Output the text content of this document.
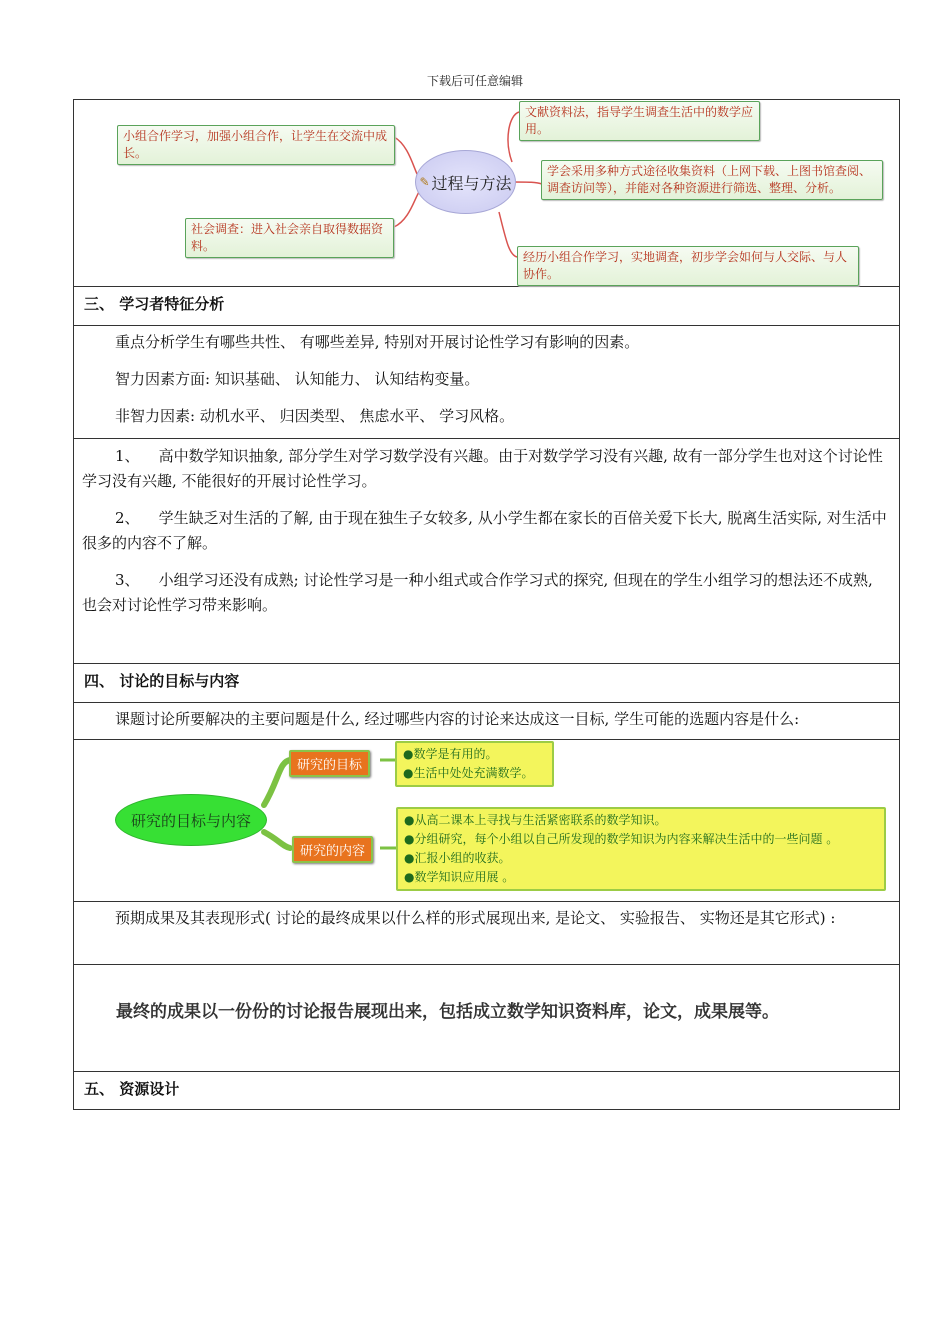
下载后可任意编辑
小组合作学习，加强小组合作，让学生在交流中成长。
社会调查：进入社会亲自取得数据资料。
✎ 过程与方法
文献资料法，指导学生调查生活中的数学应用。
学会采用多种方式途径收集资料（上网下载、上图书馆查阅、调查访问等），并能对各种资源进行筛选、整理、分析。
经历小组合作学习，实地调查，初步学会如何与人交际、与人协作。
三、 学习者特征分析

重点分析学生有哪些共性、 有哪些差异, 特别对开展讨论性学习有影响的因素。

智力因素方面: 知识基础、 认知能力、 认知结构变量。

非智力因素: 动机水平、 归因类型、 焦虑水平、 学习风格。

1、    高中数学知识抽象, 部分学生对学习数学没有兴趣。由于对数学学习没有兴趣, 故有一部分学生也对这个讨论性学习没有兴趣, 不能很好的开展讨论性学习。

2、    学生缺乏对生活的了解, 由于现在独生子女较多, 从小学生都在家长的百倍关爱下长大, 脱离生活实际, 对生活中很多的内容不了解。

3、    小组学习还没有成熟; 讨论性学习是一种小组式或合作学习式的探究, 但现在的学生小组学习的想法还不成熟, 也会对讨论性学习带来影响。

四、 讨论的目标与内容

课题讨论所要解决的主要问题是什么, 经过哪些内容的讨论来达成这一目标, 学生可能的选题内容是什么:

研究的目标与内容
研究的目标
研究的内容
●数学是有用的。
●生活中处处充满数学。
●从高二课本上寻找与生活紧密联系的数学知识。
●分组研究，每个小组以自己所发现的数学知识为内容来解决生活中的一些问题 。
●汇报小组的收获。
●数学知识应用展 。

预期成果及其表现形式( 讨论的最终成果以什么样的形式展现出来, 是论文、 实验报告、 实物还是其它形式) :

最终的成果以一份份的讨论报告展现出来，包括成立数学知识资料库，论文，成果展等。
五、 资源设计
